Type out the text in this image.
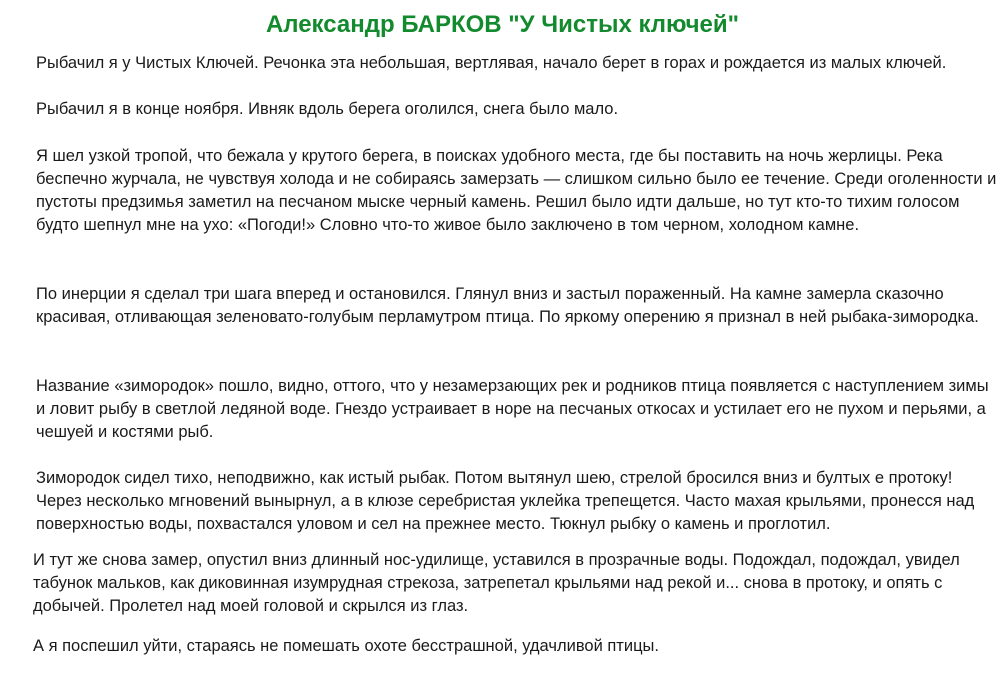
Александр БАРКОВ "У Чистых ключей"

Рыбачил я у Чистых Ключей. Речонка эта небольшая, вертлявая, начало берет в горах и рождается из малых ключей.

Рыбачил я в конце ноября. Ивняк вдоль берега оголился, снега было мало.

Я шел узкой тропой, что бежала у крутого берега, в поисках удобного места, где бы поставить на ночь жерлицы. Река беспечно журчала, не чувствуя холода и не собираясь замерзать — слишком сильно было ее течение. Среди оголенности и пустоты предзимья заметил на песчаном мыске черный камень. Решил было идти дальше, но тут кто-то тихим голосом будто шепнул мне на ухо: «Погоди!» Словно что-то живое было заключено в том черном, холодном камне.

По инерции я сделал три шага вперед и остановился. Глянул вниз и застыл пораженный. На камне замерла сказочно красивая, отливающая зеленовато-голубым перламутром птица. По яркому оперению я признал в ней рыбака-зимородка.

Название «зимородок» пошло, видно, оттого, что у незамерзающих рек и родников птица появляется с наступлением зимы и ловит рыбу в светлой ледяной воде. Гнездо устраивает в норе на песчаных откосах и устилает его не пухом и перьями, а чешуей и костями рыб.

Зимородок сидел тихо, неподвижно, как истый рыбак. Потом вытянул шею, стрелой бросился вниз и бултых е протоку! Через несколько мгновений вынырнул, а в клюзе серебристая уклейка трепещется. Часто махая крыльями, пронесся над поверхностью воды, похвастался уловом и сел на прежнее место. Тюкнул рыбку о камень и проглотил.

И тут же снова замер, опустил вниз длинный нос-удилище, уставился в прозрачные воды. Подождал, подождал, увидел табунок мальков, как диковинная изумрудная стрекоза, затрепетал крыльями над рекой и... снова в протоку, и опять с добычей. Пролетел над моей головой и скрылся из глаз.

А я поспешил уйти, стараясь не помешать охоте бесстрашной, удачливой птицы.
